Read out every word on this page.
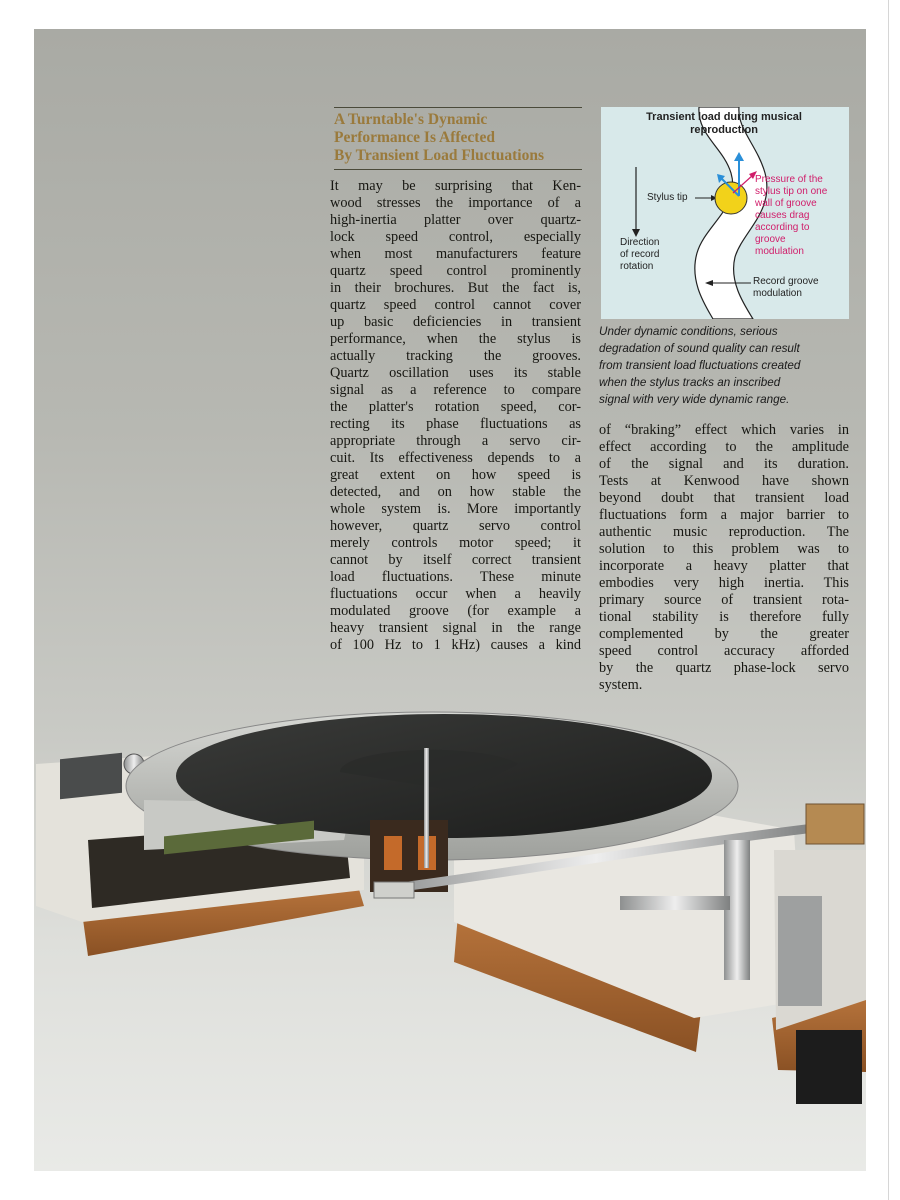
A Turntable's Dynamic
Performance Is Affected
By Transient Load Fluctuations

It may be surprising that Ken-
wood stresses the importance of a
high-inertia platter over quartz-
lock speed control, especially
when most manufacturers feature
quartz speed control prominently
in their brochures. But the fact is,
quartz speed control cannot cover
up basic deficiencies in transient
performance, when the stylus is
actually tracking the grooves.
Quartz oscillation uses its stable
signal as a reference to compare
the platter's rotation speed, cor-
recting its phase fluctuations as
appropriate through a servo cir-
cuit. Its effectiveness depends to a
great extent on how speed is
detected, and on how stable the
whole system is. More importantly
however, quartz servo control
merely controls motor speed; it
cannot by itself correct transient
load fluctuations. These minute
fluctuations occur when a heavily
modulated groove (for example a
heavy transient signal in the range
of 100 Hz to 1 kHz) causes a kind

Transient load during musical
reproduction

Stylus tip

Direction
of record
rotation

Pressure of the
stylus tip on one
wall of groove
causes drag
according to
groove
modulation

Record groove
modulation

Under dynamic conditions, serious
degradation of sound quality can result
from transient load fluctuations created
when the stylus tracks an inscribed
signal with very wide dynamic range.

of “braking” effect which varies in
effect according to the amplitude
of the signal and its duration.
Tests at Kenwood have shown
beyond doubt that transient load
fluctuations form a major barrier to
authentic music reproduction. The
solution to this problem was to
incorporate a heavy platter that
embodies very high inertia. This
primary source of transient rota-
tional stability is therefore fully
complemented by the greater
speed control accuracy afforded
by the quartz phase-lock servo
system.
